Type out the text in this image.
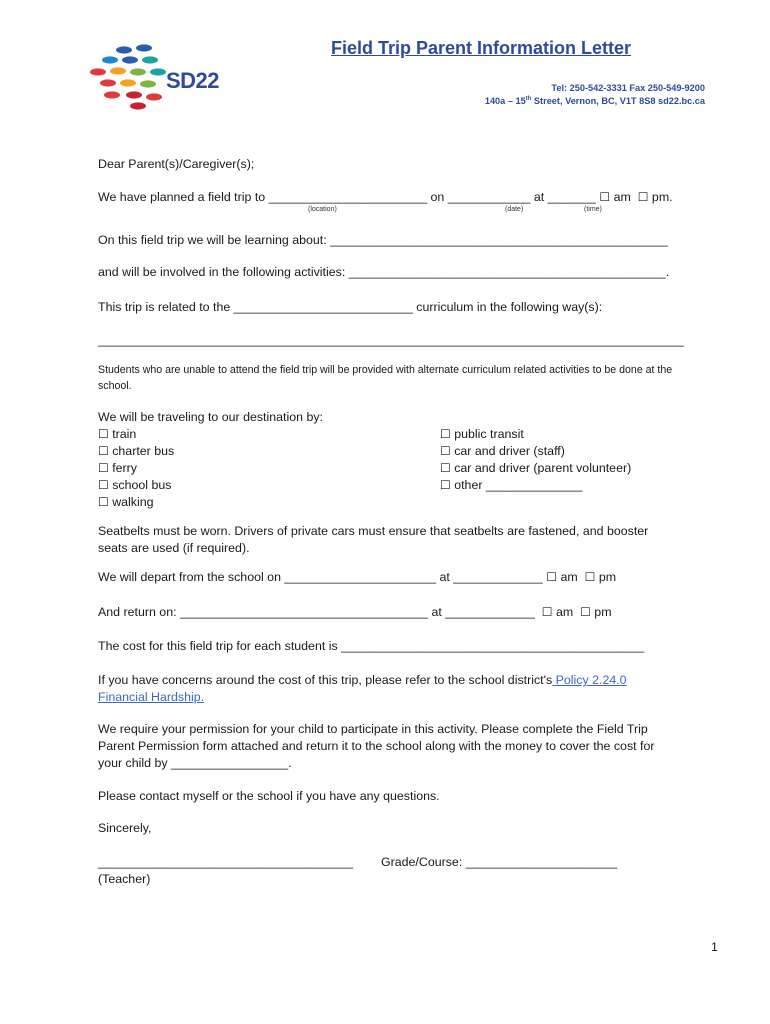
SD22
Field Trip Parent Information Letter
Tel: 250-542-3331 Fax 250-549-9200
140a – 15th Street, Vernon, BC, V1T 8S8 sd22.bc.ca
Dear Parent(s)/Caregiver(s);
We have planned a field trip to _______________________ on ____________ at _______ ☐ am ☐ pm.
(location)	(date)	(time)
On this field trip we will be learning about: _________________________________________________
and will be involved in the following activities: ______________________________________________.
This trip is related to the __________________________ curriculum in the following way(s):
_____________________________________________________________________________________
Students who are unable to attend the field trip will be provided with alternate curriculum related activities to be done at the
school.
We will be traveling to our destination by:
☐ train
☐ charter bus
☐ ferry
☐ school bus
☐ walking
☐ public transit
☐ car and driver (staff)
☐ car and driver (parent volunteer)
☐ other ______________
Seatbelts must be worn. Drivers of private cars must ensure that seatbelts are fastened, and booster
seats are used (if required).
We will depart from the school on ______________________ at _____________ ☐ am ☐ pm
And return on: ____________________________________ at _____________ ☐ am ☐ pm
The cost for this field trip for each student is ____________________________________________
If you have concerns around the cost of this trip, please refer to the school district's Policy 2.24.0
Financial Hardship.
We require your permission for your child to participate in this activity. Please complete the Field Trip
Parent Permission form attached and return it to the school along with the money to cover the cost for
your child by _________________.
Please contact myself or the school if you have any questions.
Sincerely,
_____________________________________ Grade/Course: ______________________
(Teacher)
1
